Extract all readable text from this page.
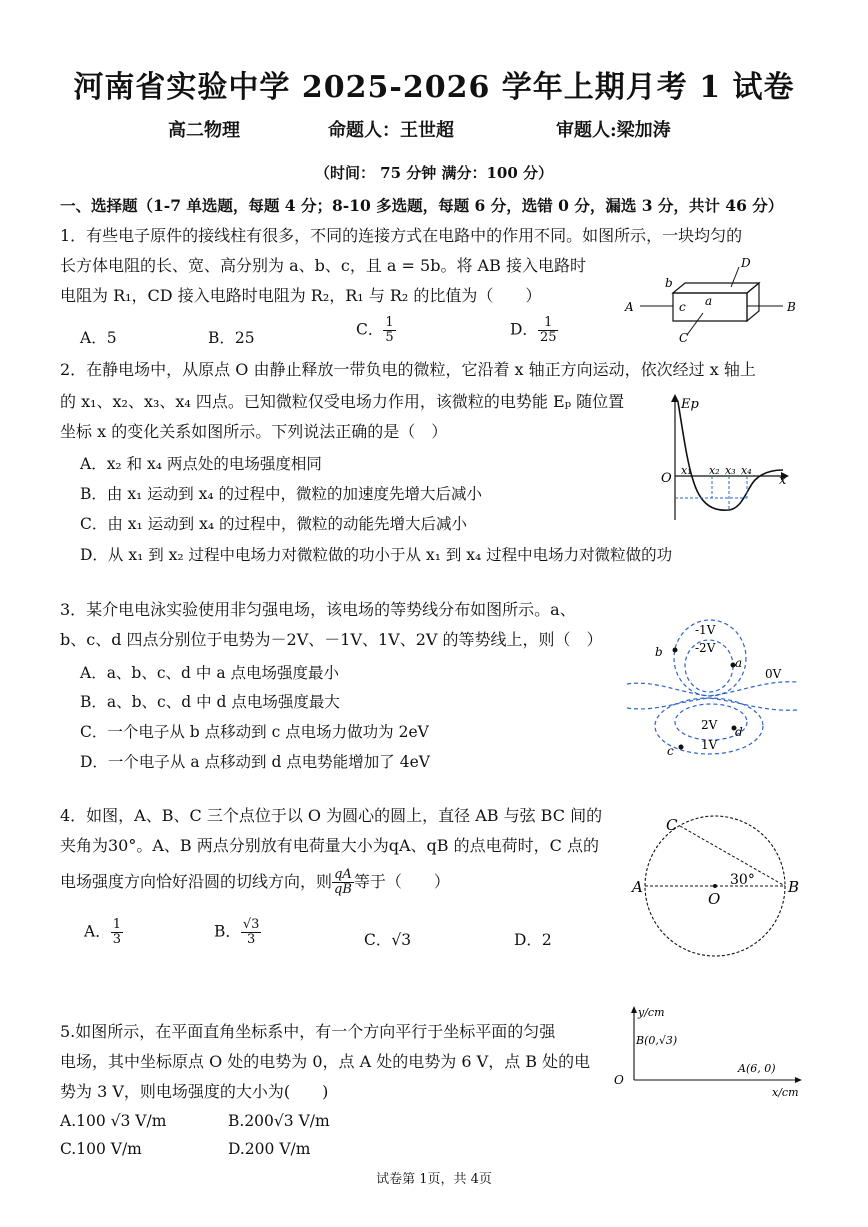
河南省实验中学 2025-2026 学年上期月考 1 试卷
高二物理	命题人：王世超	审题人:梁加涛
（时间： 75 分钟 满分：100 分）
一、选择题（1-7 单选题，每题 4 分；8-10 多选题，每题 6 分，选错 0 分，漏选 3 分，共计 46 分）
1．有些电子原件的接线柱有很多，不同的连接方式在电路中的作用不同。如图所示，一块均匀的
长方体电阻的长、宽、高分别为 a、b、c，且 a = 5b。将 AB 接入电路时
电阻为 R₁，CD 接入电路时电阻为 R₂，R₁ 与 R₂ 的比值为（　　）
A．5	B．25	C． $\frac{1}{5}$	D． $\frac{1}{25}$
A	B
C
D
a
b
c
2．在静电场中，从原点 O 由静止释放一带负电的微粒，它沿着 x 轴正方向运动，依次经过 x 轴上
的 x₁、x₂、x₃、x₄ 四点。已知微粒仅受电场力作用，该微粒的电势能 Eₚ 随位置
坐标 x 的变化关系如图所示。下列说法正确的是（　）
A．x₂ 和 x₄ 两点处的电场强度相同
B．由 x₁ 运动到 x₄ 的过程中，微粒的加速度先增大后减小
C．由 x₁ 运动到 x₄ 的过程中，微粒的动能先增大后减小
D．从 x₁ 到 x₂ 过程中电场力对微粒做的功小于从 x₁ 到 x₄ 过程中电场力对微粒做的功
Ep
O	x
x₁ x₂ x₃ x₄
3．某介电电泳实验使用非匀强电场，该电场的等势线分布如图所示。a、
b、c、d 四点分别位于电势为－2V、－1V、1V、2V 的等势线上，则（　）
A．a、b、c、d 中 a 点电场强度最小
B．a、b、c、d 中 d 点电场强度最大
C．一个电子从 b 点移动到 c 点电场力做功为 2eV
D．一个电子从 a 点移动到 d 点电势能增加了 4eV
-1V
-2V
0V
2V
1V
b
a
d
c
4．如图，A、B、C 三个点位于以 O 为圆心的圆上，直径 AB 与弦 BC 间的
夹角为30°。A、B 两点分别放有电荷量大小为qA、qB 的点电荷时，C 点的
电场强度方向恰好沿圆的切线方向，则 $\frac{qA}{qB}$ 等于（　　）
A． $\frac{1}{3}$	B． $\frac{√3}{3}$	C．√3	D．2
A	B
C
O
30°
5.如图所示，在平面直角坐标系中，有一个方向平行于坐标平面的匀强
电场，其中坐标原点 O 处的电势为 0，点 A 处的电势为 6 V，点 B 处的电
势为 3 V，则电场强度的大小为(　　)
A.100 √3 V/m	B.200√3 V/m
C.100 V/m	D.200 V/m
y/cm
x/cm
O
B(0,√3)
A(6, 0)
试卷第 1页，共 4页
